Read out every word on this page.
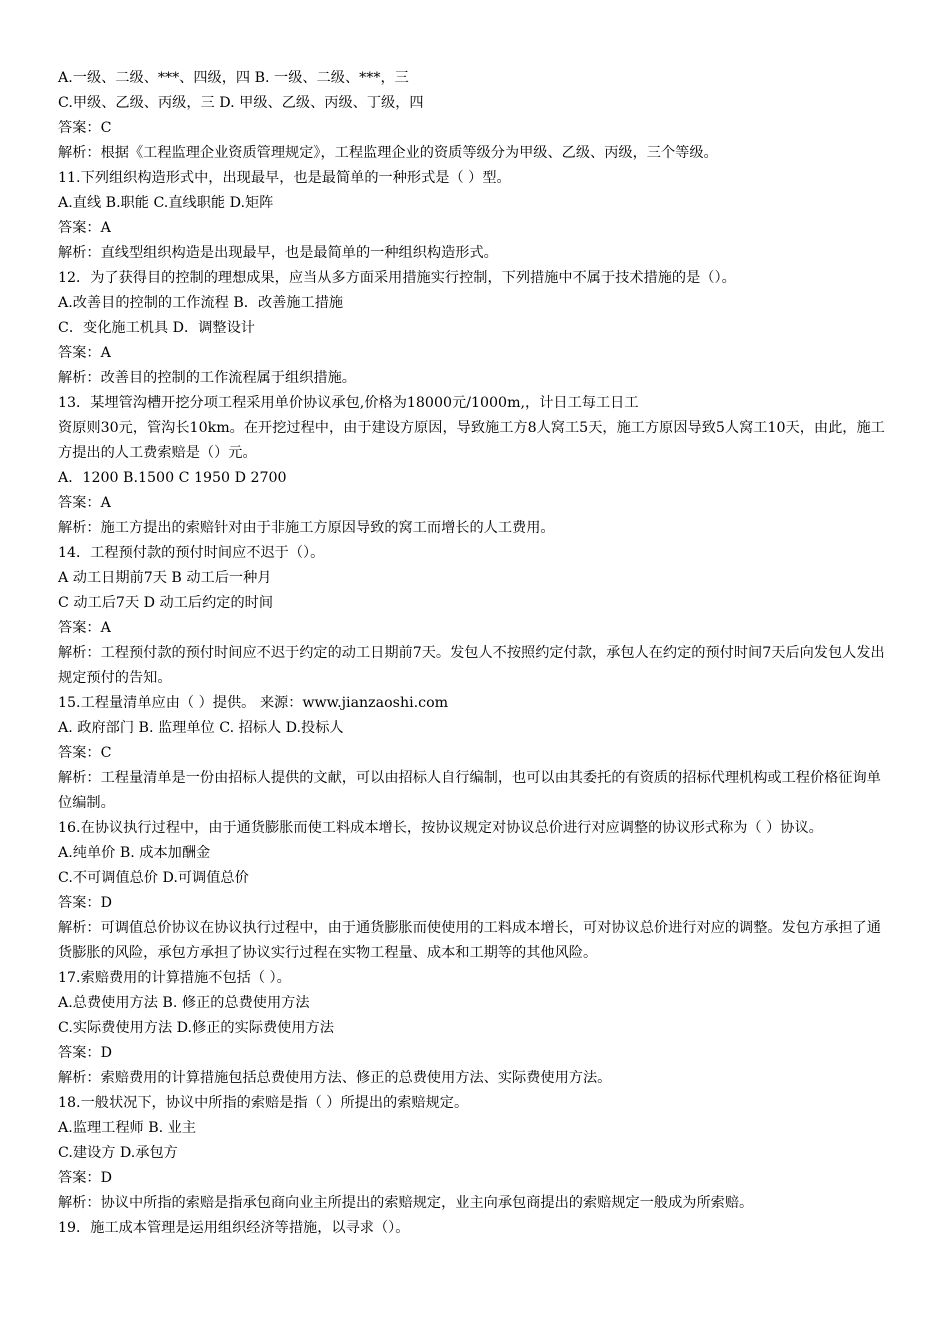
A.一级、二级、***、四级，四 B. 一级、二级、***，三

C.甲级、乙级、丙级，三 D. 甲级、乙级、丙级、丁级，四

答案：C

解析：根据《工程监理企业资质管理规定》，工程监理企业的资质等级分为甲级、乙级、丙级，三个等级。

11.下列组织构造形式中，出现最早，也是最简单的一种形式是（ ）型。

A.直线 B.职能 C.直线职能 D.矩阵

答案：A

解析：直线型组织构造是出现最早，也是最简单的一种组织构造形式。

12．为了获得目的控制的理想成果，应当从多方面采用措施实行控制，下列措施中不属于技术措施的是（）。

A.改善目的控制的工作流程 B．改善施工措施

C．变化施工机具 D．调整设计

答案：A

解析：改善目的控制的工作流程属于组织措施。

13．某埋管沟槽开挖分项工程采用单价协议承包,价格为18000元/1000m,，计日工每工日工

资原则30元，管沟长10km。在开挖过程中，由于建设方原因，导致施工方8人窝工5天，施工方原因导致5人窝工10天，由此，施工方提出的人工费索赔是（）元。

A．1200 B.1500 C 1950 D 2700

答案：A

解析：施工方提出的索赔针对由于非施工方原因导致的窝工而增长的人工费用。

14．工程预付款的预付时间应不迟于（）。

A 动工日期前7天 B 动工后一种月

C 动工后7天 D 动工后约定的时间

答案：A

解析：工程预付款的预付时间应不迟于约定的动工日期前7天。发包人不按照约定付款，承包人在约定的预付时间7天后向发包人发出规定预付的告知。

15.工程量清单应由（ ）提供。 来源：www.jianzaoshi.com

A. 政府部门 B. 监理单位 C. 招标人 D.投标人

答案：C

解析：工程量清单是一份由招标人提供的文献，可以由招标人自行编制，也可以由其委托的有资质的招标代理机构或工程价格征询单位编制。

16.在协议执行过程中，由于通货膨胀而使工料成本增长，按协议规定对协议总价进行对应调整的协议形式称为（ ）协议。

A.纯单价 B. 成本加酬金

C.不可调值总价 D.可调值总价

答案：D

解析：可调值总价协议在协议执行过程中，由于通货膨胀而使使用的工料成本增长，可对协议总价进行对应的调整。发包方承担了通货膨胀的风险，承包方承担了协议实行过程在实物工程量、成本和工期等的其他风险。

17.索赔费用的计算措施不包括（ ）。

A.总费使用方法 B. 修正的总费使用方法

C.实际费使用方法 D.修正的实际费使用方法

答案：D

解析：索赔费用的计算措施包括总费使用方法、修正的总费使用方法、实际费使用方法。

18.一般状况下，协议中所指的索赔是指（ ）所提出的索赔规定。

A.监理工程师 B. 业主

C.建设方 D.承包方

答案：D

解析：协议中所指的索赔是指承包商向业主所提出的索赔规定，业主向承包商提出的索赔规定一般成为所索赔。

19．施工成本管理是运用组织经济等措施，以寻求（）。
